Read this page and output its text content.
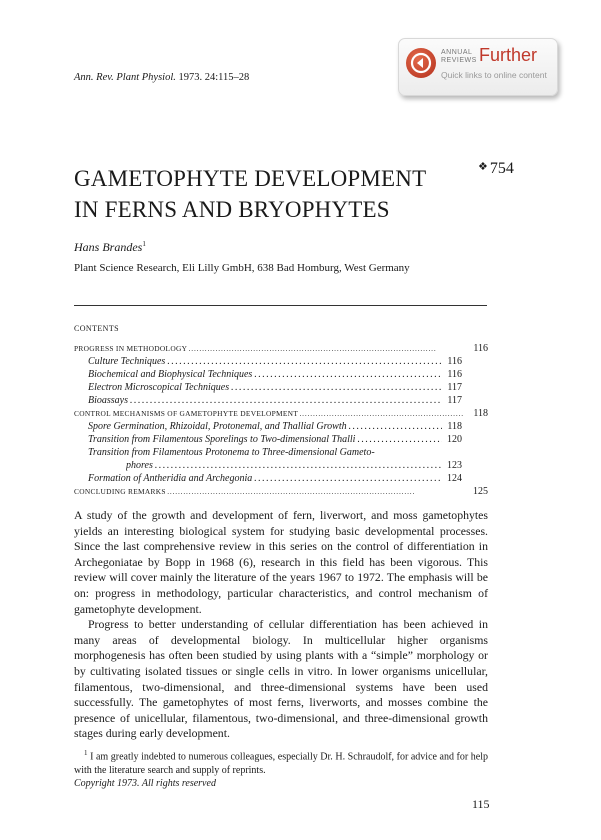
Ann. Rev. Plant Physiol. 1973. 24:115–28
ANNUAL
REVIEWS Further
Quick links to online content
❖ 754
GAMETOPHYTE DEVELOPMENT
IN FERNS AND BRYOPHYTES
Hans Brandes$^1$
Plant Science Research, Eli Lilly GmbH, 638 Bad Homburg, West Germany
CONTENTS
PROGRESS IN METHODOLOGY . . .	116
Culture Techniques . . .	116
Biochemical and Biophysical Techniques . . .	116
Electron Microscopical Techniques . . .	117
Bioassays . . .	117
CONTROL MECHANISMS OF GAMETOPHYTE DEVELOPMENT . . .	118
Spore Germination, Rhizoidal, Protonemal, and Thallial Growth . . .	118
Transition from Filamentous Sporelings to Two-dimensional Thalli . . .	120
Transition from Filamentous Protonema to Three-dimensional Gameto-
phores . . .	123
Formation of Antheridia and Archegonia . . .	124
CONCLUDING REMARKS . . .	125

A study of the growth and development of fern, liverwort, and moss gametophytes yields an interesting biological system for studying basic developmental processes. Since the last comprehensive review in this series on the control of differentiation in Archegoniatae by Bopp in 1968 (6), research in this field has been vigorous. This review will cover mainly the literature of the years 1967 to 1972. The emphasis will be on: progress in methodology, particular characteristics, and control mechanism of gametophyte development.

Progress to better understanding of cellular differentiation has been achieved in many areas of developmental biology. In multicellular higher organisms morphogenesis has often been studied by using plants with a “simple” morphology or by cultivating isolated tissues or single cells in vitro. In lower organisms unicellular, filamentous, two-dimensional, and three-dimensional systems have been used successfully. The gametophytes of most ferns, liverworts, and mosses combine the presence of unicellular, filamentous, two-dimensional, and three-dimensional growth stages during early development.

$^1$ I am greatly indebted to numerous colleagues, especially Dr. H. Schraudolf, for advice and for help with the literature search and supply of reprints.
Copyright 1973. All rights reserved
115
